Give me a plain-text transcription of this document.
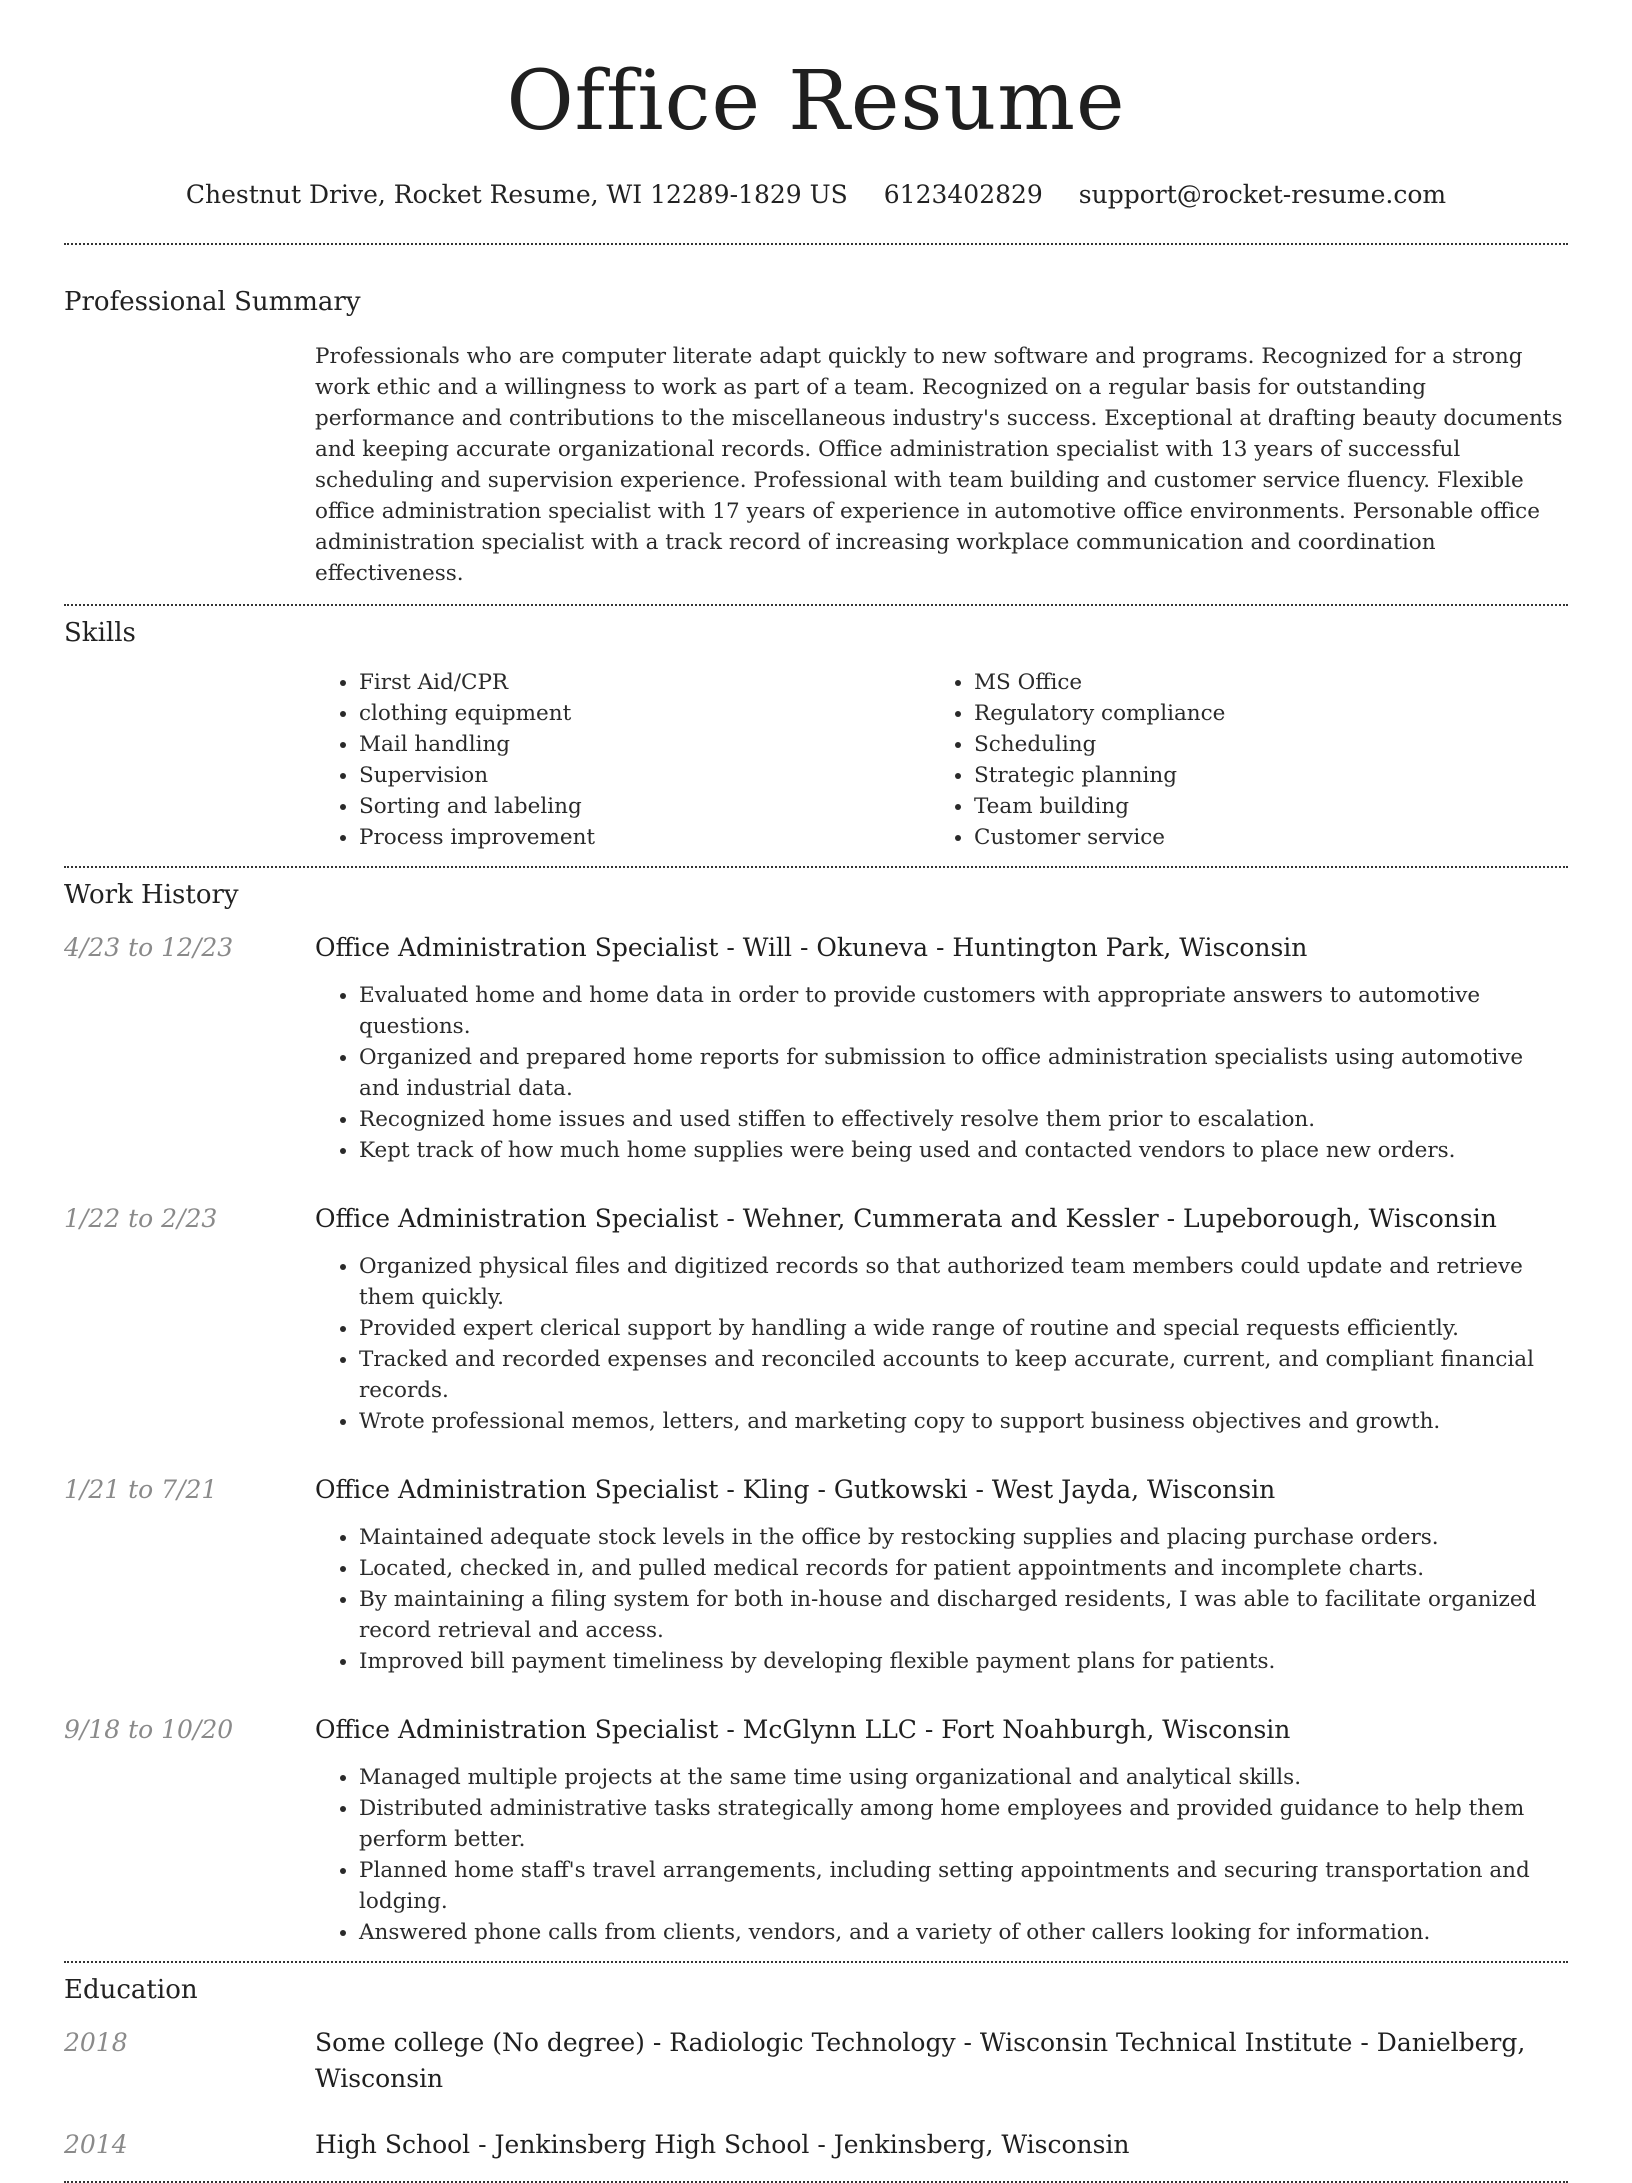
Office Resume
Chestnut Drive, Rocket Resume, WI 12289-1829 US 6123402829 support@rocket-resume.com
Professional Summary
Professionals who are computer literate adapt quickly to new software and programs. Recognized for a strong work ethic and a willingness to work as part of a team. Recognized on a regular basis for outstanding performance and contributions to the miscellaneous industry's success. Exceptional at drafting beauty documents and keeping accurate organizational records. Office administration specialist with 13 years of successful scheduling and supervision experience. Professional with team building and customer service fluency. Flexible office administration specialist with 17 years of experience in automotive office environments. Personable office administration specialist with a track record of increasing workplace communication and coordination effectiveness.
Skills
• First Aid/CPR
• clothing equipment
• Mail handling
• Supervision
• Sorting and labeling
• Process improvement
• MS Office
• Regulatory compliance
• Scheduling
• Strategic planning
• Team building
• Customer service
Work History
4/23 to 12/23	Office Administration Specialist - Will - Okuneva - Huntington Park, Wisconsin
• Evaluated home and home data in order to provide customers with appropriate answers to automotive questions.
• Organized and prepared home reports for submission to office administration specialists using automotive and industrial data.
• Recognized home issues and used stiffen to effectively resolve them prior to escalation.
• Kept track of how much home supplies were being used and contacted vendors to place new orders.
1/22 to 2/23	Office Administration Specialist - Wehner, Cummerata and Kessler - Lupeborough, Wisconsin
• Organized physical files and digitized records so that authorized team members could update and retrieve them quickly.
• Provided expert clerical support by handling a wide range of routine and special requests efficiently.
• Tracked and recorded expenses and reconciled accounts to keep accurate, current, and compliant financial records.
• Wrote professional memos, letters, and marketing copy to support business objectives and growth.
1/21 to 7/21	Office Administration Specialist - Kling - Gutkowski - West Jayda, Wisconsin
• Maintained adequate stock levels in the office by restocking supplies and placing purchase orders.
• Located, checked in, and pulled medical records for patient appointments and incomplete charts.
• By maintaining a filing system for both in-house and discharged residents, I was able to facilitate organized record retrieval and access.
• Improved bill payment timeliness by developing flexible payment plans for patients.
9/18 to 10/20	Office Administration Specialist - McGlynn LLC - Fort Noahburgh, Wisconsin
• Managed multiple projects at the same time using organizational and analytical skills.
• Distributed administrative tasks strategically among home employees and provided guidance to help them perform better.
• Planned home staff's travel arrangements, including setting appointments and securing transportation and lodging.
• Answered phone calls from clients, vendors, and a variety of other callers looking for information.
Education
2018	Some college (No degree) - Radiologic Technology - Wisconsin Technical Institute - Danielberg, Wisconsin
2014	High School - Jenkinsberg High School - Jenkinsberg, Wisconsin
